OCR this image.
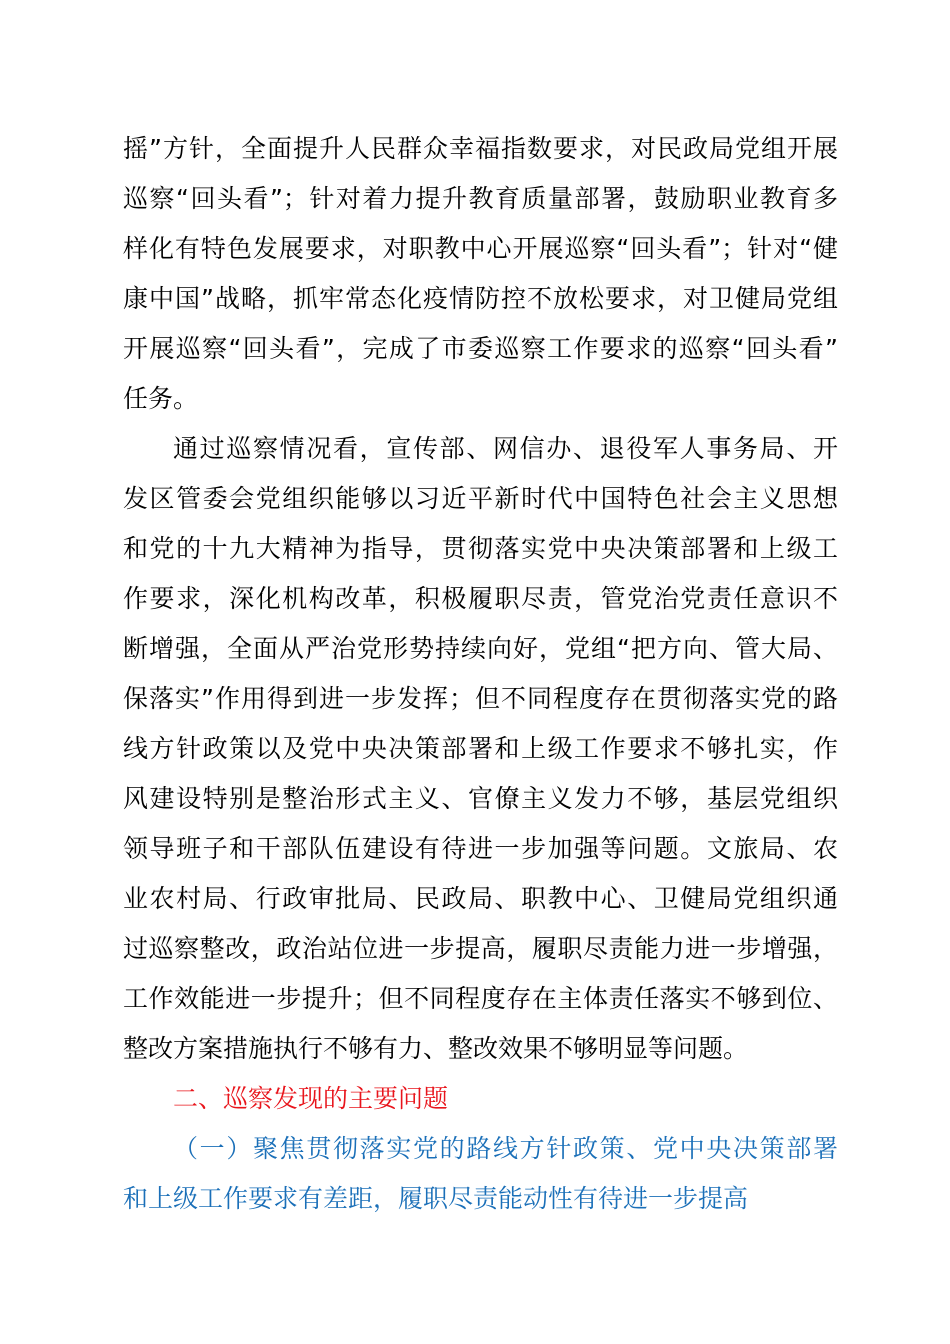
摇”方针，全面提升人民群众幸福指数要求，对民政局党组开展
巡察“回头看”；针对着力提升教育质量部署，鼓励职业教育多
样化有特色发展要求，对职教中心开展巡察“回头看”；针对“健
康中国”战略，抓牢常态化疫情防控不放松要求，对卫健局党组
开展巡察“回头看”，完成了市委巡察工作要求的巡察“回头看”
任务。
通过巡察情况看，宣传部、网信办、退役军人事务局、开
发区管委会党组织能够以习近平新时代中国特色社会主义思想
和党的十九大精神为指导，贯彻落实党中央决策部署和上级工
作要求，深化机构改革，积极履职尽责，管党治党责任意识不
断增强，全面从严治党形势持续向好，党组“把方向、管大局、
保落实”作用得到进一步发挥；但不同程度存在贯彻落实党的路
线方针政策以及党中央决策部署和上级工作要求不够扎实，作
风建设特别是整治形式主义、官僚主义发力不够，基层党组织
领导班子和干部队伍建设有待进一步加强等问题。文旅局、农
业农村局、行政审批局、民政局、职教中心、卫健局党组织通
过巡察整改，政治站位进一步提高，履职尽责能力进一步增强，
工作效能进一步提升；但不同程度存在主体责任落实不够到位、
整改方案措施执行不够有力、整改效果不够明显等问题。
二、巡察发现的主要问题
（一）聚焦贯彻落实党的路线方针政策、党中央决策部署
和上级工作要求有差距，履职尽责能动性有待进一步提高
